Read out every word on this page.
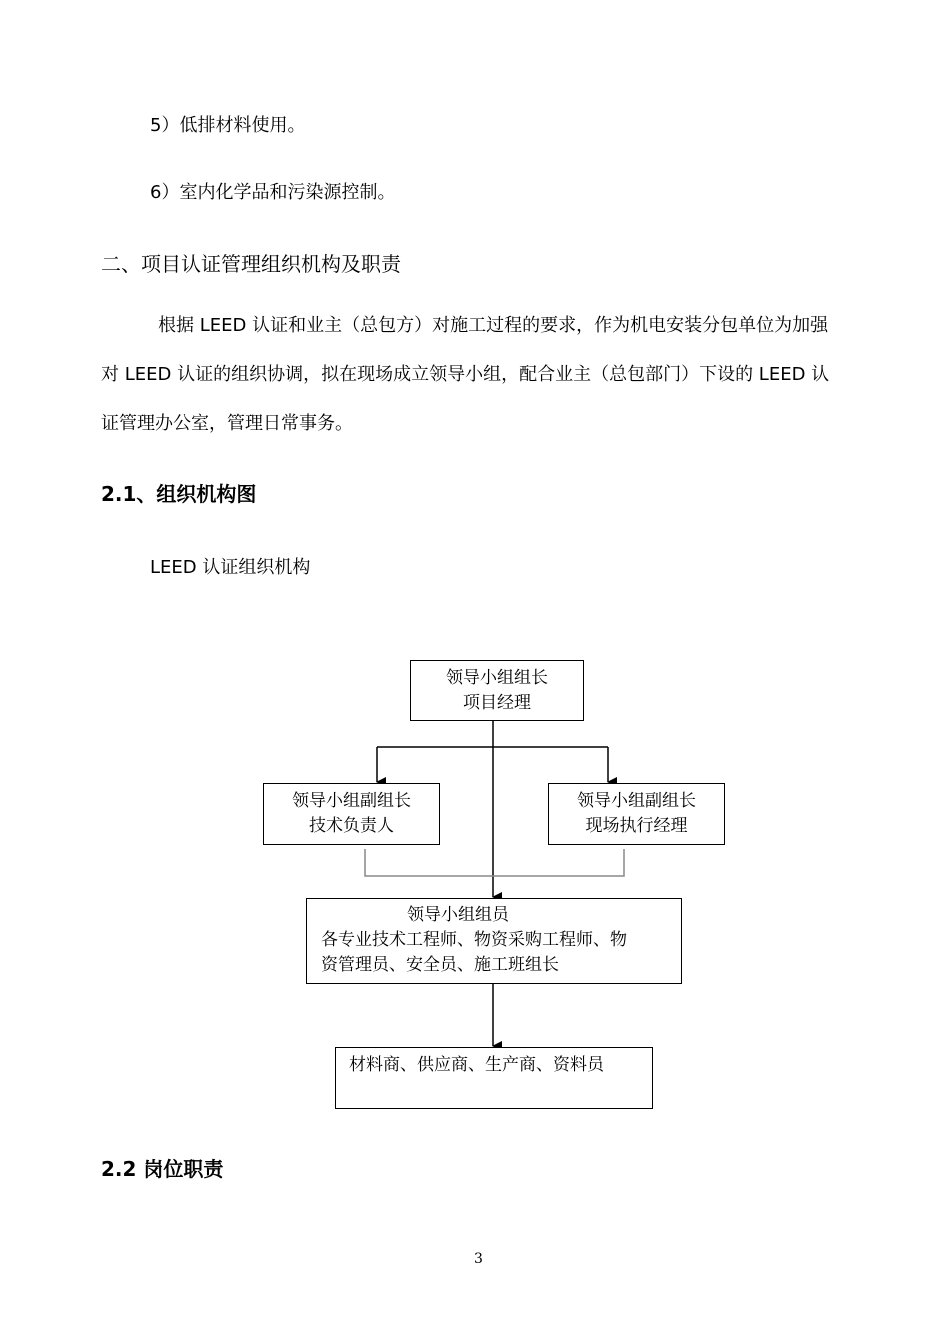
5）低排材料使用。
6）室内化学品和污染源控制。
二、项目认证管理组织机构及职责
根据 LEED 认证和业主（总包方）对施工过程的要求，作为机电安装分包单位为加强
对 LEED 认证的组织协调，拟在现场成立领导小组，配合业主（总包部门）下设的 LEED 认
证管理办公室，管理日常事务。
2.1、组织机构图
LEED 认证组织机构
领导小组组长
项目经理
领导小组副组长
技术负责人
领导小组副组长
现场执行经理
领导小组组员
各专业技术工程师、物资采购工程师、物
资管理员、安全员、施工班组长
材料商、供应商、生产商、资料员
2.2 岗位职责
3
